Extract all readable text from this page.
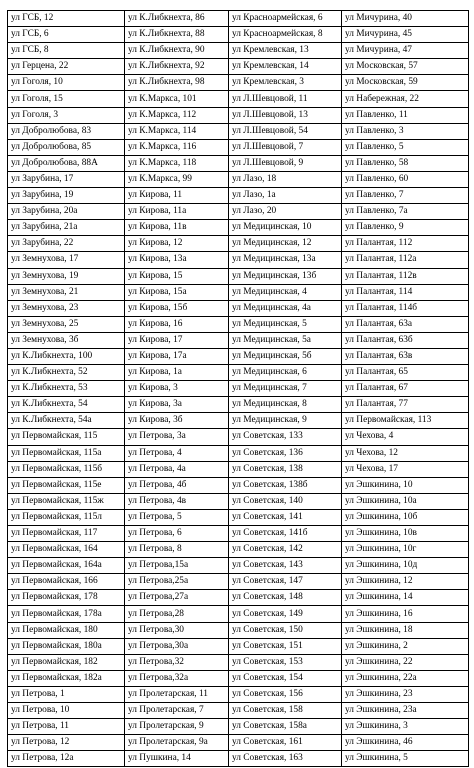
ул ГСБ, 12	ул К.Либкнехта, 86	ул Красноармейская, 6	ул Мичурина, 40
ул ГСБ, 6	ул К.Либкнехта, 88	ул Красноармейская, 8	ул Мичурина, 45
ул ГСБ, 8	ул К.Либкнехта, 90	ул Кремлевская, 13	ул Мичурина, 47
ул Герцена, 22	ул К.Либкнехта, 92	ул Кремлевская, 14	ул Московская, 57
ул Гоголя, 10	ул К.Либкнехта, 98	ул Кремлевская, 3	ул Московская, 59
ул Гоголя, 15	ул К.Маркса, 101	ул Л.Шевцовой, 11	ул Набережная, 22
ул Гоголя, 3	ул К.Маркса, 112	ул Л.Шевцовой, 13	ул Павленко, 11
ул Добролюбова, 83	ул К.Маркса, 114	ул Л.Шевцовой, 54	ул Павленко, 3
ул Добролюбова, 85	ул К.Маркса, 116	ул Л.Шевцовой, 7	ул Павленко, 5
ул Добролюбова, 88А	ул К.Маркса, 118	ул Л.Шевцовой, 9	ул Павленко, 58
ул Зарубина, 17	ул К.Маркса, 99	ул Лазо, 18	ул Павленко, 60
ул Зарубина, 19	ул Кирова, 11	ул Лазо, 1а	ул Павленко, 7
ул Зарубина, 20а	ул Кирова, 11а	ул Лазо, 20	ул Павленко, 7а
ул Зарубина, 21а	ул Кирова, 11в	ул Медицинская, 10	ул Павленко, 9
ул Зарубина, 22	ул Кирова, 12	ул Медицинская, 12	ул Палантая, 112
ул Земнухова, 17	ул Кирова, 13а	ул Медицинская, 13а	ул Палантая, 112а
ул Земнухова, 19	ул Кирова, 15	ул Медицинская, 13б	ул Палантая, 112в
ул Земнухова, 21	ул Кирова, 15а	ул Медицинская, 4	ул Палантая, 114
ул Земнухова, 23	ул Кирова, 15б	ул Медицинская, 4а	ул Палантая, 114б
ул Земнухова, 25	ул Кирова, 16	ул Медицинская, 5	ул Палантая, 63а
ул Земнухова, 3б	ул Кирова, 17	ул Медицинская, 5а	ул Палантая, 63б
ул К.Либкнехта, 100	ул Кирова, 17а	ул Медицинская, 5б	ул Палантая, 63в
ул К.Либкнехта, 52	ул Кирова, 1а	ул Медицинская, 6	ул Палантая, 65
ул К.Либкнехта, 53	ул Кирова, 3	ул Медицинская, 7	ул Палантая, 67
ул К.Либкнехта, 54	ул Кирова, 3а	ул Медицинская, 8	ул Палантая, 77
ул К.Либкнехта, 54а	ул Кирова, 3б	ул Медицинская, 9	ул Первомайская, 113
ул Первомайская, 115	ул Петрова, 3а	ул Советская, 133	ул Чехова, 4
ул Первомайская, 115а	ул Петрова, 4	ул Советская, 136	ул Чехова, 12
ул Первомайская, 115б	ул Петрова, 4а	ул Советская, 138	ул Чехова, 17
ул Первомайская, 115е	ул Петрова, 4б	ул Советская, 138б	ул Эшкинина, 10
ул Первомайская, 115ж	ул Петрова, 4в	ул Советская, 140	ул Эшкинина, 10а
ул Первомайская, 115л	ул Петрова, 5	ул Советская, 141	ул Эшкинина, 10б
ул Первомайская, 117	ул Петрова, 6	ул Советская, 141б	ул Эшкинина, 10в
ул Первомайская, 164	ул Петрова, 8	ул Советская, 142	ул Эшкинина, 10г
ул Первомайская, 164а	ул Петрова,15а	ул Советская, 143	ул Эшкинина, 10д
ул Первомайская, 166	ул Петрова,25а	ул Советская, 147	ул Эшкинина, 12
ул Первомайская, 178	ул Петрова,27а	ул Советская, 148	ул Эшкинина, 14
ул Первомайская, 178а	ул Петрова,28	ул Советская, 149	ул Эшкинина, 16
ул Первомайская, 180	ул Петрова,30	ул Советская, 150	ул Эшкинина, 18
ул Первомайская, 180а	ул Петрова,30а	ул Советская, 151	ул Эшкинина, 2
ул Первомайская, 182	ул Петрова,32	ул Советская, 153	ул Эшкинина, 22
ул Первомайская, 182а	ул Петрова,32а	ул Советская, 154	ул Эшкинина, 22а
ул Петрова, 1	ул Пролетарская, 11	ул Советская, 156	ул Эшкинина, 23
ул Петрова, 10	ул Пролетарская, 7	ул Советская, 158	ул Эшкинина, 23а
ул Петрова, 11	ул Пролетарская, 9	ул Советская, 158а	ул Эшкинина, 3
ул Петрова, 12	ул Пролетарская, 9а	ул Советская, 161	ул Эшкинина, 46
ул Петрова, 12а	ул Пушкина, 14	ул Советская, 163	ул Эшкинина, 5
